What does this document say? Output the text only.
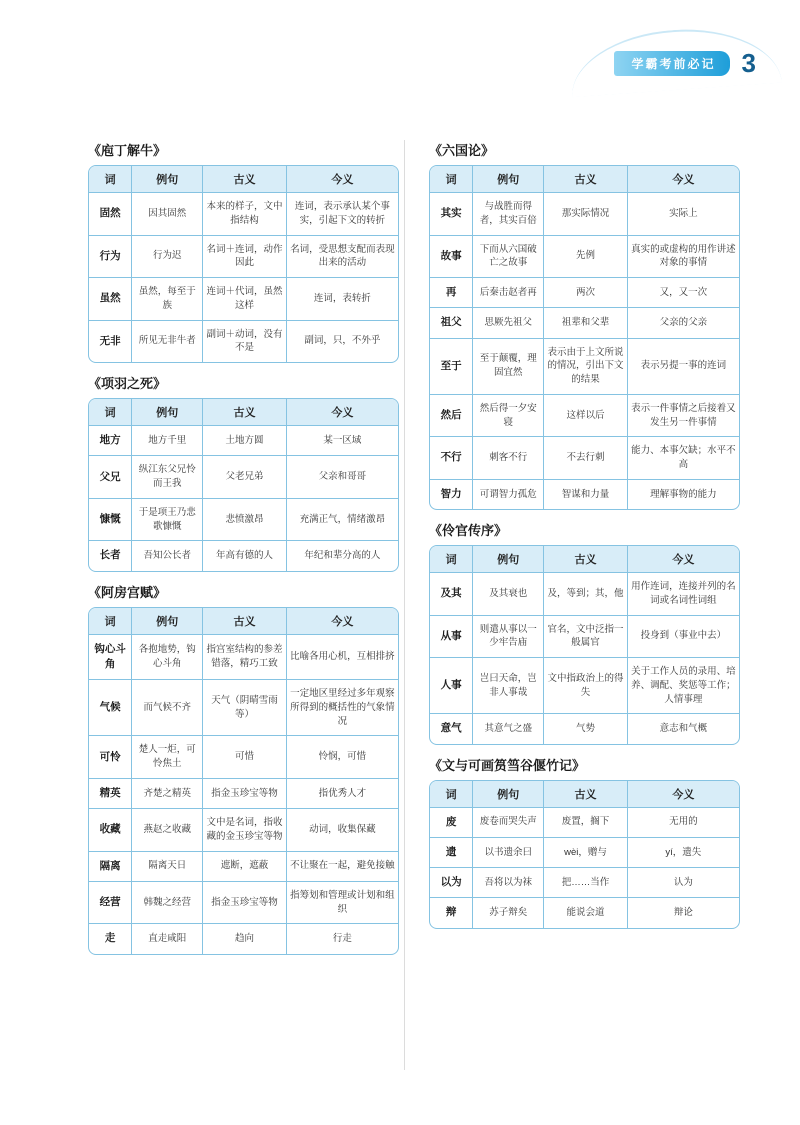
学霸考前必记	3
《庖丁解牛》
词	例句	古义	今义
固然	因其固然	本来的样子，文中指结构	连词，表示承认某个事实，引起下文的转折
行为	行为迟	名词＋连词，动作因此	名词，受思想支配而表现出来的活动
虽然	虽然，每至于族	连词＋代词，虽然这样	连词，表转折
无非	所见无非牛者	副词＋动词，没有不是	副词，只，不外乎
《项羽之死》
词	例句	古义	今义
地方	地方千里	土地方圆	某一区域
父兄	纵江东父兄怜而王我	父老兄弟	父亲和哥哥
慷慨	于是项王乃悲歌慷慨	悲愤激昂	充满正气，情绪激昂
长者	吾知公长者	年高有德的人	年纪和辈分高的人
《阿房宫赋》
词	例句	古义	今义
钩心斗角	各抱地势，钩心斗角	指宫室结构的参差错落，精巧工致	比喻各用心机，互相排挤
气候	而气候不齐	天气（阴晴雪雨等）	一定地区里经过多年观察所得到的概括性的气象情况
可怜	楚人一炬，可怜焦土	可惜	怜悯，可惜
精英	齐楚之精英	指金玉珍宝等物	指优秀人才
收藏	燕赵之收藏	文中是名词，指收藏的金玉珍宝等物	动词，收集保藏
隔离	隔离天日	遮断，遮蔽	不让聚在一起，避免接触
经营	韩魏之经营	指金玉珍宝等物	指筹划和管理或计划和组织
走	直走咸阳	趋向	行走
《六国论》
词	例句	古义	今义
其实	与战胜而得者，其实百倍	那实际情况	实际上
故事	下而从六国破亡之故事	先例	真实的或虚构的用作讲述对象的事情
再	后秦击赵者再	两次	又，又一次
祖父	思厥先祖父	祖辈和父辈	父亲的父亲
至于	至于颠覆，理固宜然	表示由于上文所说的情况，引出下文的结果	表示另提一事的连词
然后	然后得一夕安寝	这样以后	表示一件事情之后接着又发生另一件事情
不行	刺客不行	不去行刺	能力、本事欠缺；水平不高
智力	可谓智力孤危	智谋和力量	理解事物的能力
《伶官传序》
词	例句	古义	今义
及其	及其衰也	及，等到；其，他	用作连词，连接并列的名词或名词性词组
从事	则遣从事以一少牢告庙	官名，文中泛指一般属官	投身到（事业中去）
人事	岂曰天命，岂非人事哉	文中指政治上的得失	关于工作人员的录用、培养、调配、奖惩等工作；人情事理
意气	其意气之盛	气势	意志和气概
《文与可画筼筜谷偃竹记》
词	例句	古义	今义
废	废卷而哭失声	废置，搁下	无用的
遗	以书遗余曰	wèi，赠与	yí，遗失
以为	吾将以为袜	把……当作	认为
辩	苏子辩矣	能说会道	辩论
